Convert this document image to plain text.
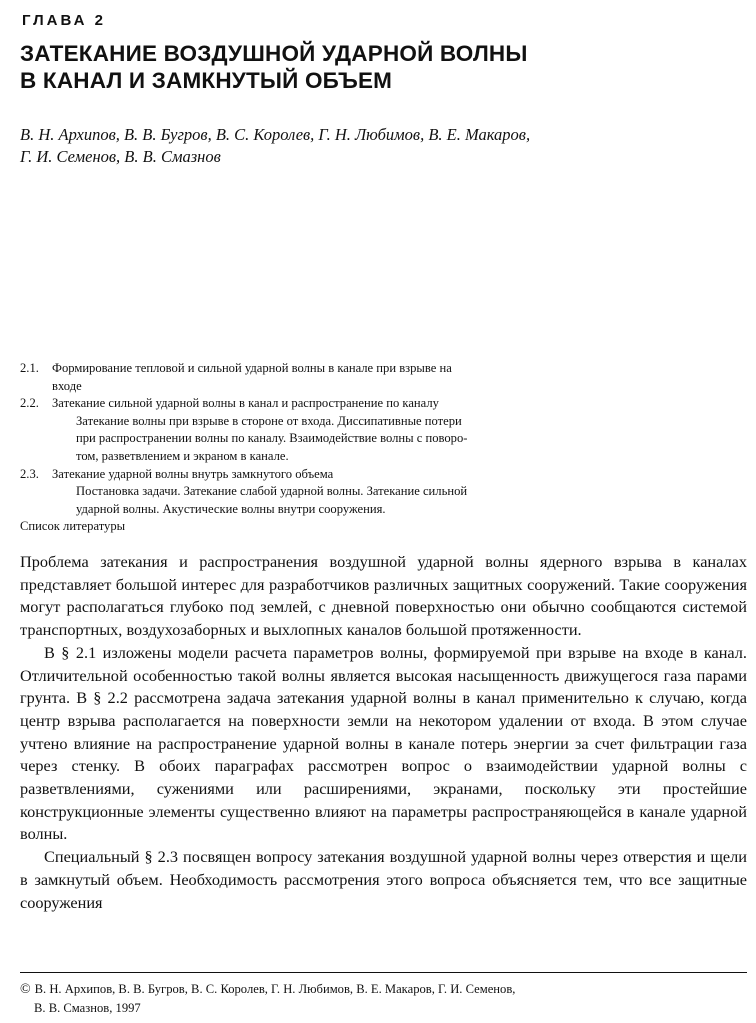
ГЛАВА 2
ЗАТЕКАНИЕ ВОЗДУШНОЙ УДАРНОЙ ВОЛНЫ
В КАНАЛ И ЗАМКНУТЫЙ ОБЪЕМ
В. Н. Архипов, В. В. Бугров, В. С. Королев, Г. Н. Любимов, В. Е. Макаров,
Г. И. Семенов, В. В. Смазнов
2.1.	Формирование тепловой и сильной ударной волны в канале при взрыве на
входе
2.2.	Затекание сильной ударной волны в канал и распространение по каналу
Затекание волны при взрыве в стороне от входа. Диссипативные потери
при распространении волны по каналу. Взаимодействие волны с поворо-
том, разветвлением и экраном в канале.
2.3.	Затекание ударной волны внутрь замкнутого объема
Постановка задачи. Затекание слабой ударной волны. Затекание сильной
ударной волны. Акустические волны внутри сооружения.
Список литературы

Проблема затекания и распространения воздушной ударной волны ядерного взрыва в каналах представляет большой интерес для разработчиков различных защитных сооружений. Такие сооружения могут располагаться глубоко под землей, с дневной поверхностью они обычно сообщаются системой транспортных, воздухозаборных и выхлопных каналов большой протяженности.

В § 2.1 изложены модели расчета параметров волны, формируемой при взрыве на входе в канал. Отличительной особенностью такой волны является высокая насыщенность движущегося газа парами грунта. В § 2.2 рассмотрена задача затекания ударной волны в канал применительно к случаю, когда центр взрыва располагается на поверхности земли на некотором удалении от входа. В этом случае учтено влияние на распространение ударной волны в канале потерь энергии за счет фильтрации газа через стенку. В обоих параграфах рассмотрен вопрос о взаимодействии ударной волны с разветвлениями, сужениями или расширениями, экранами, поскольку эти простейшие конструкционные элементы существенно влияют на параметры распространяющейся в канале ударной волны.

Специальный § 2.3 посвящен вопросу затекания воздушной ударной волны через отверстия и щели в замкнутый объем. Необходимость рассмотрения этого вопроса объясняется тем, что все защитные сооружения

© В. Н. Архипов, В. В. Бугров, В. С. Королев, Г. Н. Любимов, В. Е. Макаров, Г. И. Семенов,
В. В. Смазнов, 1997
